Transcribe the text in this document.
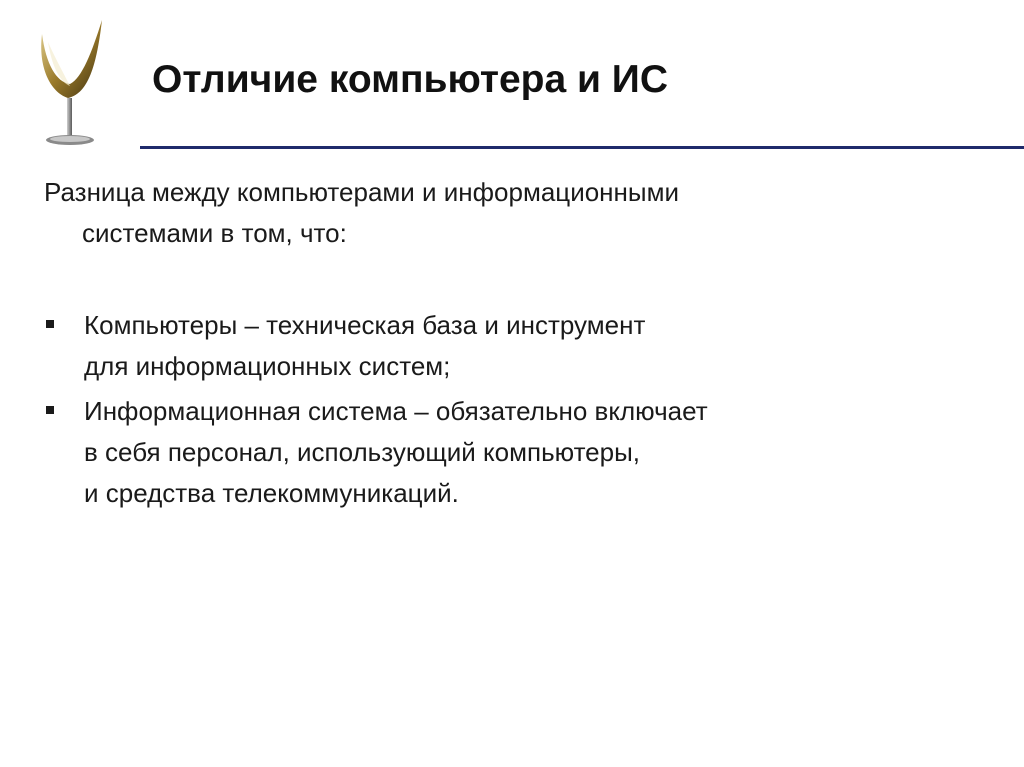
Отличие компьютера и ИС

Разница между компьютерами и информационными
системами в том, что:

Компьютеры – техническая база и инструмент
для информационных систем;
Информационная система – обязательно включает
в себя персонал, использующий компьютеры,
и средства телекоммуникаций.
